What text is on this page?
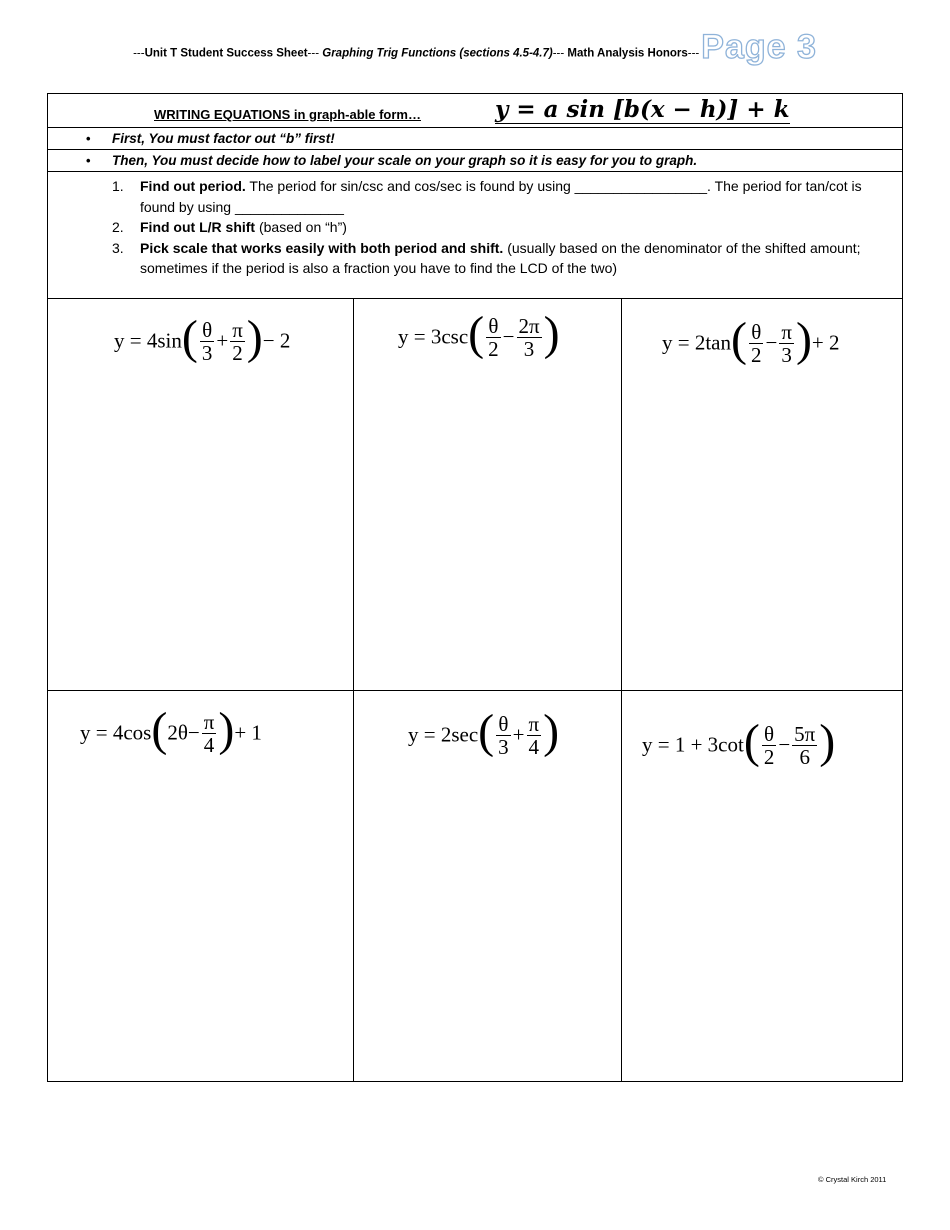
---Unit T Student Success Sheet--- Graphing Trig Functions (sections 4.5-4.7)--- Math Analysis Honors---Page 3
WRITING EQUATIONS in graph-able form…	y = a sin [b(x − h)] + k
• First, You must factor out “b” first!
• Then, You must decide how to label your scale on your graph so it is easy for you to graph.
1. Find out period. The period for sin/csc and cos/sec is found by using _________________. The period for tan/cot is found by using ______________
2. Find out L/R shift (based on “h”)
3. Pick scale that works easily with both period and shift. (usually based on the denominator of the shifted amount; sometimes if the period is also a fraction you have to find the LCD of the two)
$y = 4\sin( \frac{\theta}{3} + \frac{\pi}{2}$ )− 2	$y = 3\csc( \frac{\theta}{2} - \frac{2\pi}{3}$ )	$y = 2\tan( \frac{\theta}{2} - \frac{\pi}{3}$ )+ 2
$y = 4\cos(2\theta- \frac{\pi}{4}$ )+ 1	$y = 2\sec( \frac{\theta}{3} + \frac{\pi}{4}$ )	$y = 1 + 3\cot( \frac{\theta}{2} - \frac{5\pi}{6}$ )
© Crystal Kirch 2011
